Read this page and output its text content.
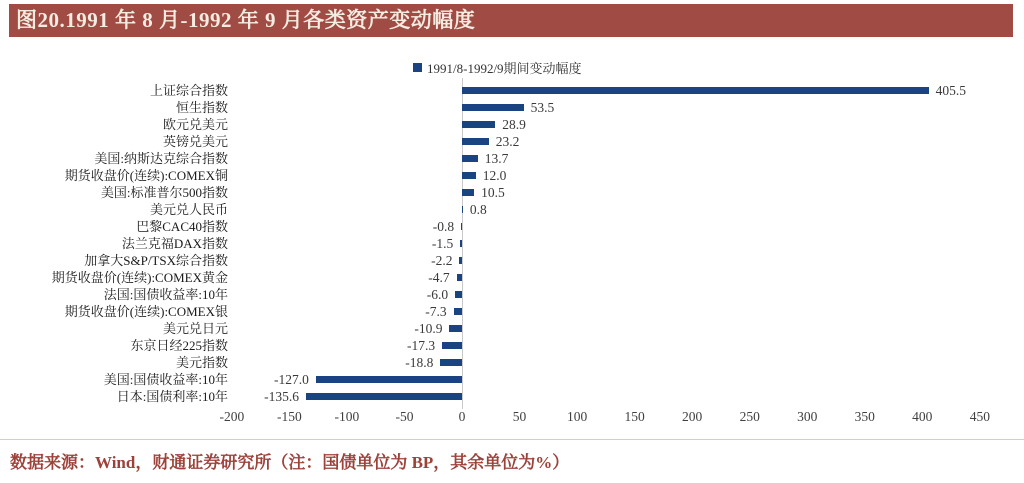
图20.1991 年 8 月-1992 年 9 月各类资产变动幅度
1991/8-1992/9期间变动幅度
上证综合指数	405.5
恒生指数	53.5
欧元兑美元	28.9
英镑兑美元	23.2
美国:纳斯达克综合指数	13.7
期货收盘价(连续):COMEX铜	12.0
美国:标准普尔500指数	10.5
美元兑人民币	0.8
巴黎CAC40指数	-0.8
法兰克福DAX指数	-1.5
加拿大S&P/TSX综合指数	-2.2
期货收盘价(连续):COMEX黄金	-4.7
法国:国债收益率:10年	-6.0
期货收盘价(连续):COMEX银	-7.3
美元兑日元	-10.9
东京日经225指数	-17.3
美元指数	-18.8
美国:国债收益率:10年	-127.0
日本:国债利率:10年	-135.6
-200 -150 -100	-50	0	50	100	150	200	250	300	350	400	450
数据来源：Wind，财通证券研究所（注：国债单位为 BP，其余单位为%）
